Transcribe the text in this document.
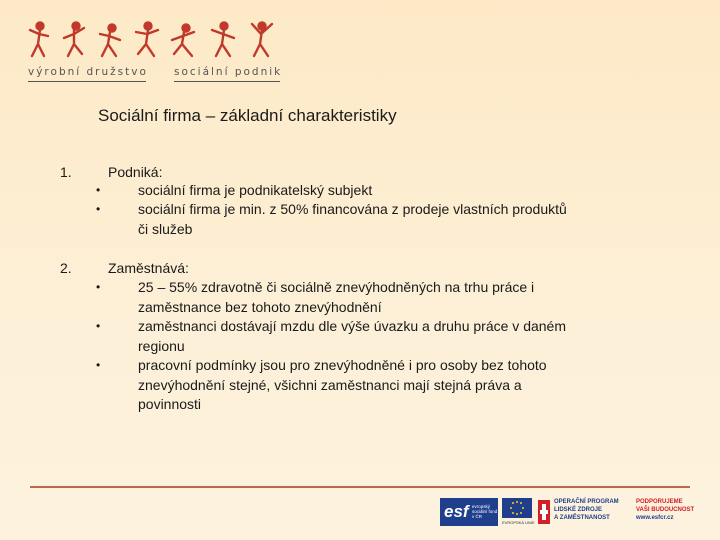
výrobní družstvo sociální podnik
Sociální firma – základní charakteristiky
1.	Podniká:
•	sociální firma je podnikatelský subjekt
•	sociální firma je min. z 50% financována z prodeje vlastních produktů
či služeb
2.	Zaměstnává:
•	25 – 55% zdravotně či sociálně znevýhodněných na trhu práce i
zaměstnance bez tohoto znevýhodnění
•	zaměstnanci dostávají mzdu dle výše úvazku a druhu práce v daném
regionu
•	pracovní podmínky jsou pro znevýhodněné i pro osoby bez tohoto
znevýhodnění stejné, všichni zaměstnanci mají stejná práva a
povinnosti
esf evropský sociální fond v ČR
EVROPSKÁ UNIE
OPERAČNÍ PROGRAM
LIDSKÉ ZDROJE
A ZAMĚSTNANOST
PODPORUJEME
VAŠI BUDOUCNOST
www.esfcr.cz
